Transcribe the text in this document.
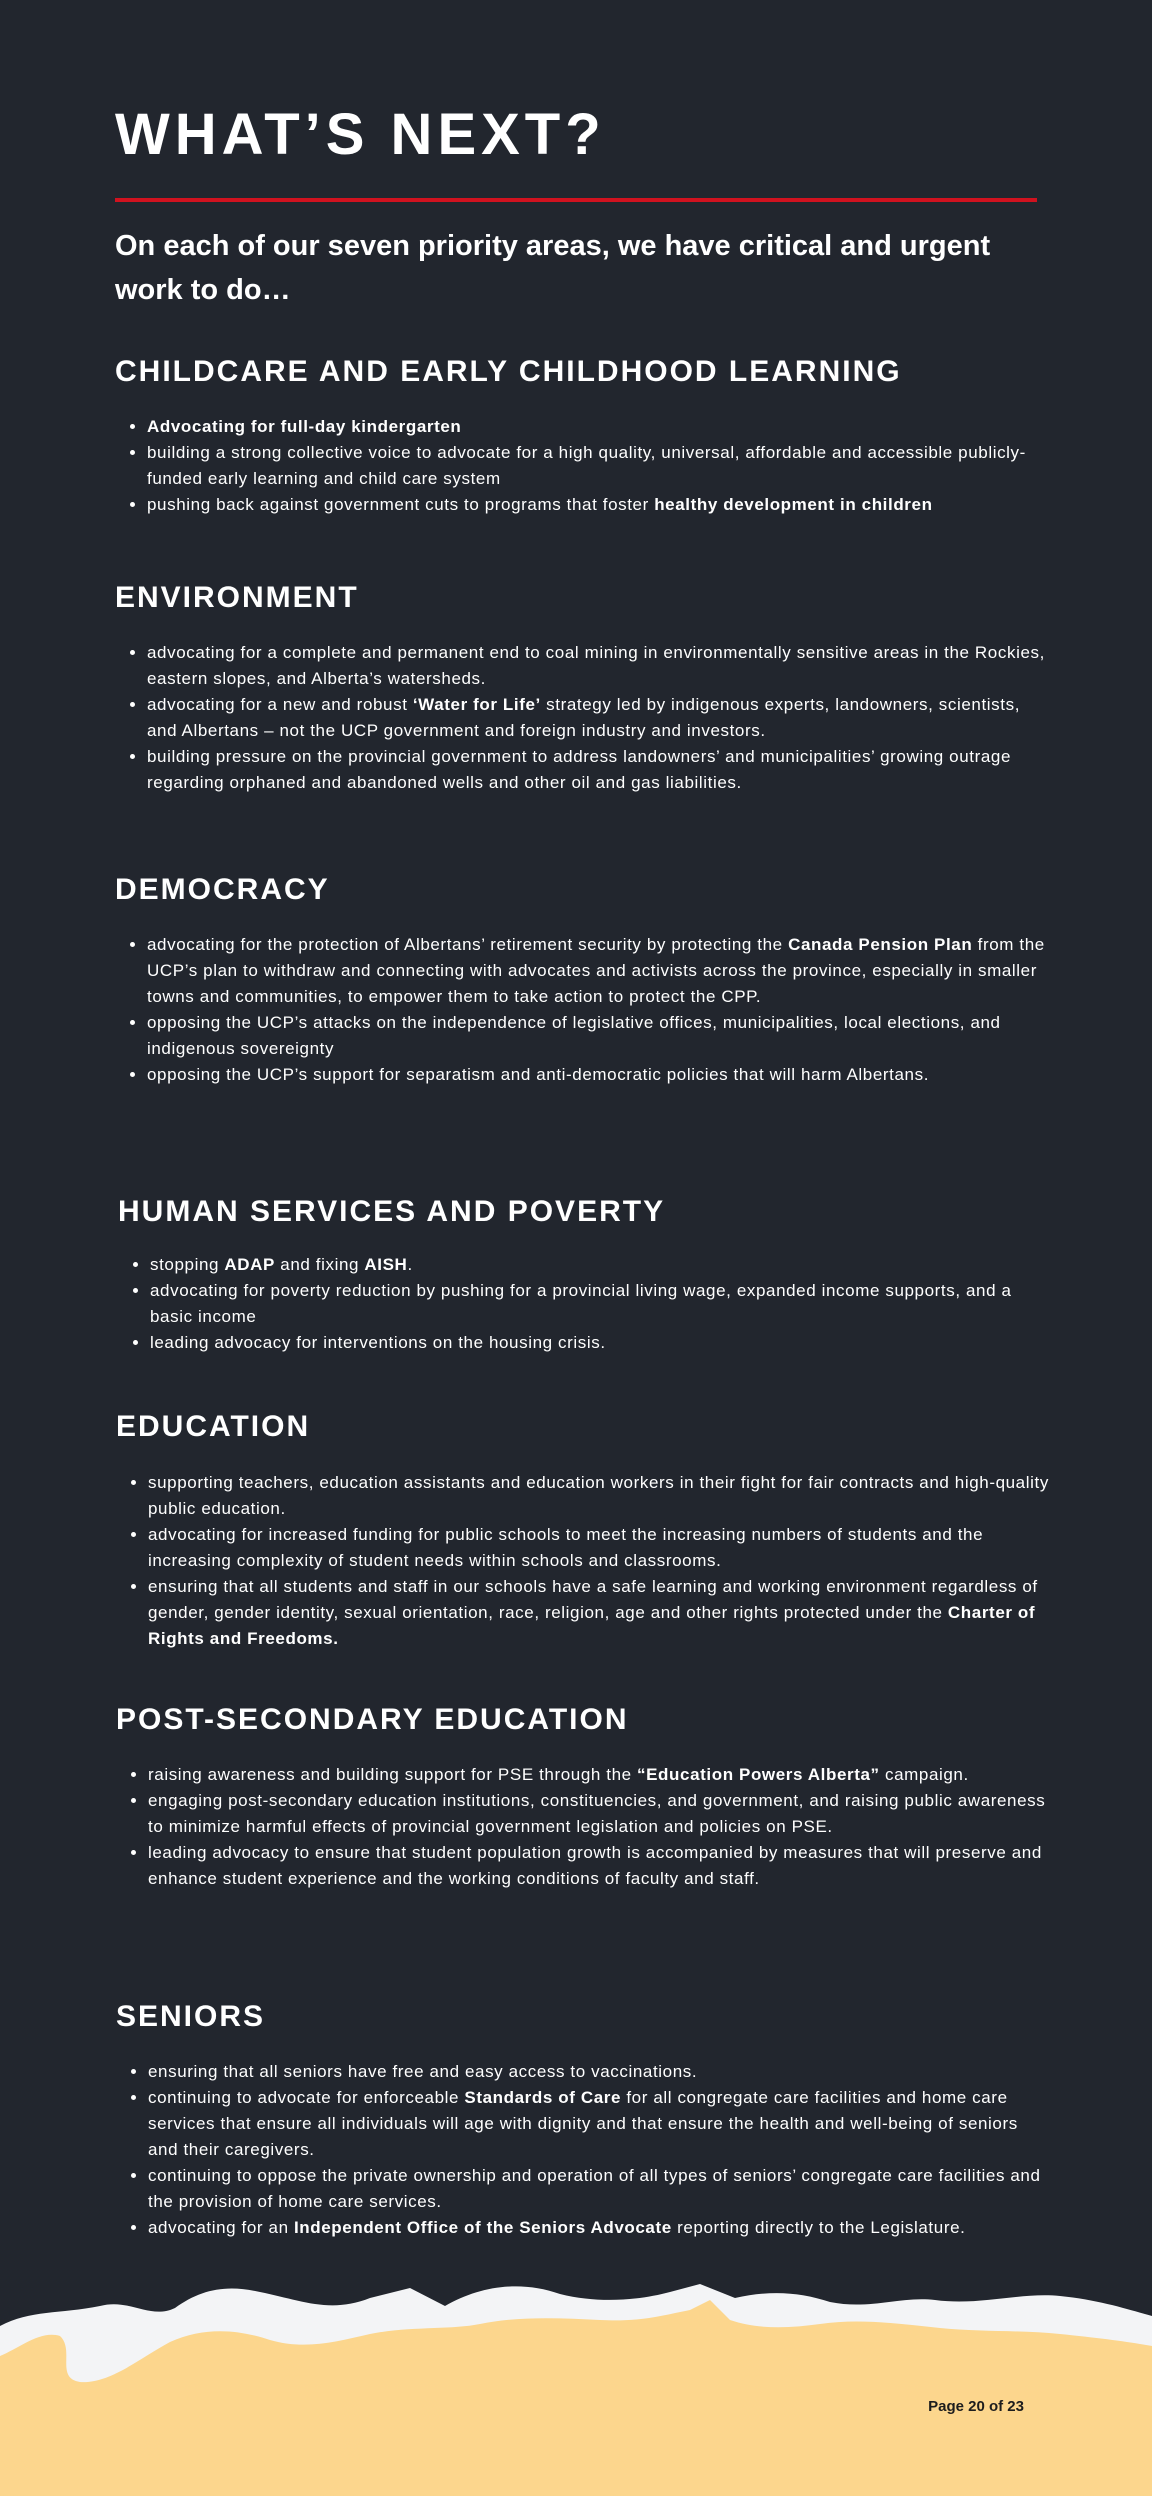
WHAT’S NEXT?

On each of our seven priority areas, we have critical and urgent work to do…

CHILDCARE AND EARLY CHILDHOOD LEARNING
• Advocating for full-day kindergarten
• building a strong collective voice to advocate for a high quality, universal, affordable and accessible publicly-funded early learning and child care system
• pushing back against government cuts to programs that foster healthy development in children
ENVIRONMENT
• advocating for a complete and permanent end to coal mining in environmentally sensitive areas in the Rockies, eastern slopes, and Alberta’s watersheds.
• advocating for a new and robust ‘Water for Life’ strategy led by indigenous experts, landowners, scientists, and Albertans – not the UCP government and foreign industry and investors.
• building pressure on the provincial government to address landowners’ and municipalities’ growing outrage regarding orphaned and abandoned wells and other oil and gas liabilities.
DEMOCRACY
• advocating for the protection of Albertans’ retirement security by protecting the Canada Pension Plan from the UCP’s plan to withdraw and connecting with advocates and activists across the province, especially in smaller towns and communities, to empower them to take action to protect the CPP.
• opposing the UCP’s attacks on the independence of legislative offices, municipalities, local elections, and indigenous sovereignty
• opposing the UCP’s support for separatism and anti-democratic policies that will harm Albertans.
HUMAN SERVICES AND POVERTY
• stopping ADAP and fixing AISH.
• advocating for poverty reduction by pushing for a provincial living wage, expanded income supports, and a basic income
• leading advocacy for interventions on the housing crisis.
EDUCATION
• supporting teachers, education assistants and education workers in their fight for fair contracts and high-quality public education.
• advocating for increased funding for public schools to meet the increasing numbers of students and the increasing complexity of student needs within schools and classrooms.
• ensuring that all students and staff in our schools have a safe learning and working environment regardless of gender, gender identity, sexual orientation, race, religion, age and other rights protected under the Charter of Rights and Freedoms.
POST-SECONDARY EDUCATION
• raising awareness and building support for PSE through the “Education Powers Alberta” campaign.
• engaging post-secondary education institutions, constituencies, and government, and raising public awareness to minimize harmful effects of provincial government legislation and policies on PSE.
• leading advocacy to ensure that student population growth is accompanied by measures that will preserve and enhance student experience and the working conditions of faculty and staff.
SENIORS
• ensuring that all seniors have free and easy access to vaccinations.
• continuing to advocate for enforceable Standards of Care for all congregate care facilities and home care services that ensure all individuals will age with dignity and that ensure the health and well-being of seniors and their caregivers.
• continuing to oppose the private ownership and operation of all types of seniors’ congregate care facilities and the provision of home care services.
• advocating for an Independent Office of the Seniors Advocate reporting directly to the Legislature.
Page 20 of 23
